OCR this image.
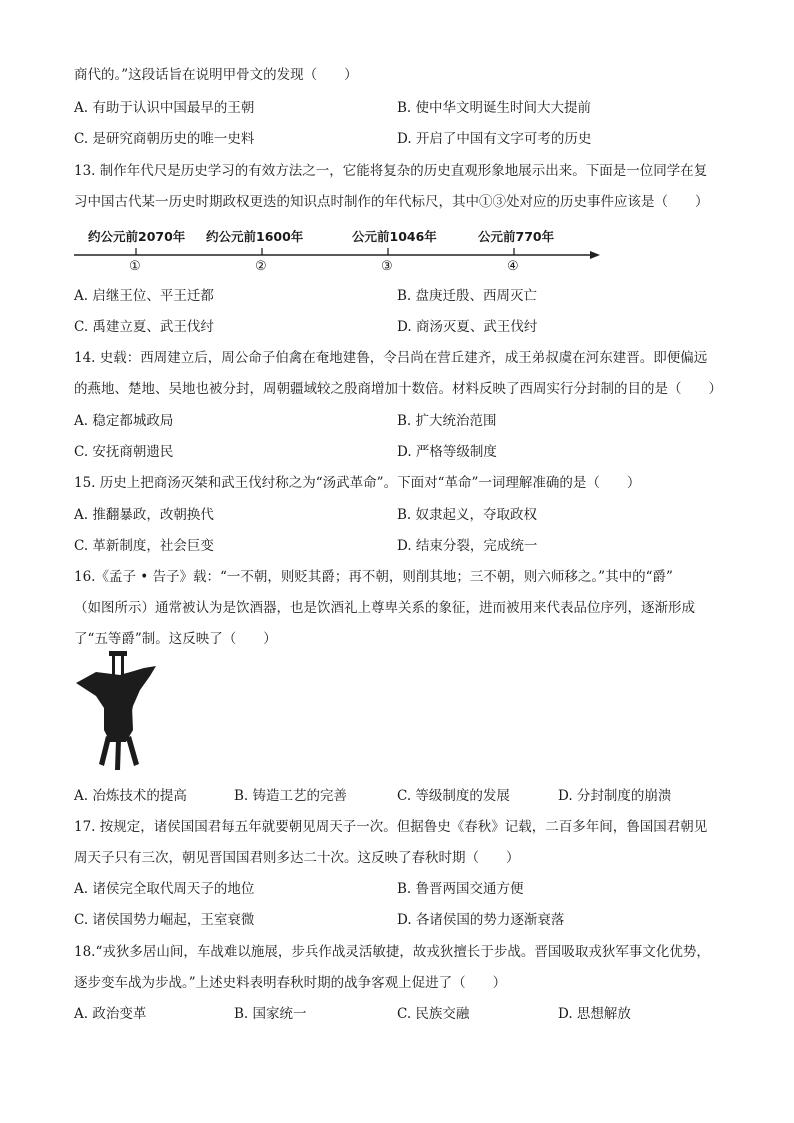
商代的。”这段话旨在说明甲骨文的发现（　　）
A. 有助于认识中国最早的王朝	B. 使中华文明诞生时间大大提前
C. 是研究商朝历史的唯一史料	D. 开启了中国有文字可考的历史
13. 制作年代尺是历史学习的有效方法之一，它能将复杂的历史直观形象地展示出来。下面是一位同学在复
习中国古代某一历史时期政权更迭的知识点时制作的年代标尺，其中①③处对应的历史事件应该是（　　）
约公元前2070年 约公元前1600年	公元前1046年	公元前770年
①	②	③	④
A. 启继王位、平王迁都	B. 盘庚迁殷、西周灭亡
C. 禹建立夏、武王伐纣	D. 商汤灭夏、武王伐纣
14. 史载：西周建立后，周公命子伯禽在奄地建鲁，令吕尚在营丘建齐，成王弟叔虞在河东建晋。即便偏远
的燕地、楚地、吴地也被分封，周朝疆域较之殷商增加十数倍。材料反映了西周实行分封制的目的是（　　）
A. 稳定都城政局	B. 扩大统治范围
C. 安抚商朝遗民	D. 严格等级制度
15. 历史上把商汤灭桀和武王伐纣称之为“汤武革命”。下面对“革命”一词理解准确的是（　　）
A. 推翻暴政，改朝换代	B. 奴隶起义，夺取政权
C. 革新制度，社会巨变	D. 结束分裂，完成统一
16.《孟子 • 告子》载：“一不朝，则贬其爵；再不朝，则削其地；三不朝，则六师移之。”其中的“爵”
（如图所示）通常被认为是饮酒器，也是饮酒礼上尊卑关系的象征，进而被用来代表品位序列，逐渐形成
了“五等爵”制。这反映了（　　）
A. 冶炼技术的提高	B. 铸造工艺的完善	C. 等级制度的发展	D. 分封制度的崩溃
17. 按规定，诸侯国国君每五年就要朝见周天子一次。但据鲁史《春秋》记载，二百多年间，鲁国国君朝见
周天子只有三次，朝见晋国国君则多达二十次。这反映了春秋时期（　　）
A. 诸侯完全取代周天子的地位	B. 鲁晋两国交通方便
C. 诸侯国势力崛起，王室衰微	D. 各诸侯国的势力逐渐衰落
18.“戎狄多居山间，车战难以施展，步兵作战灵活敏捷，故戎狄擅长于步战。晋国吸取戎狄军事文化优势，
逐步变车战为步战。”上述史料表明春秋时期的战争客观上促进了（　　）
A. 政治变革	B. 国家统一	C. 民族交融	D. 思想解放
